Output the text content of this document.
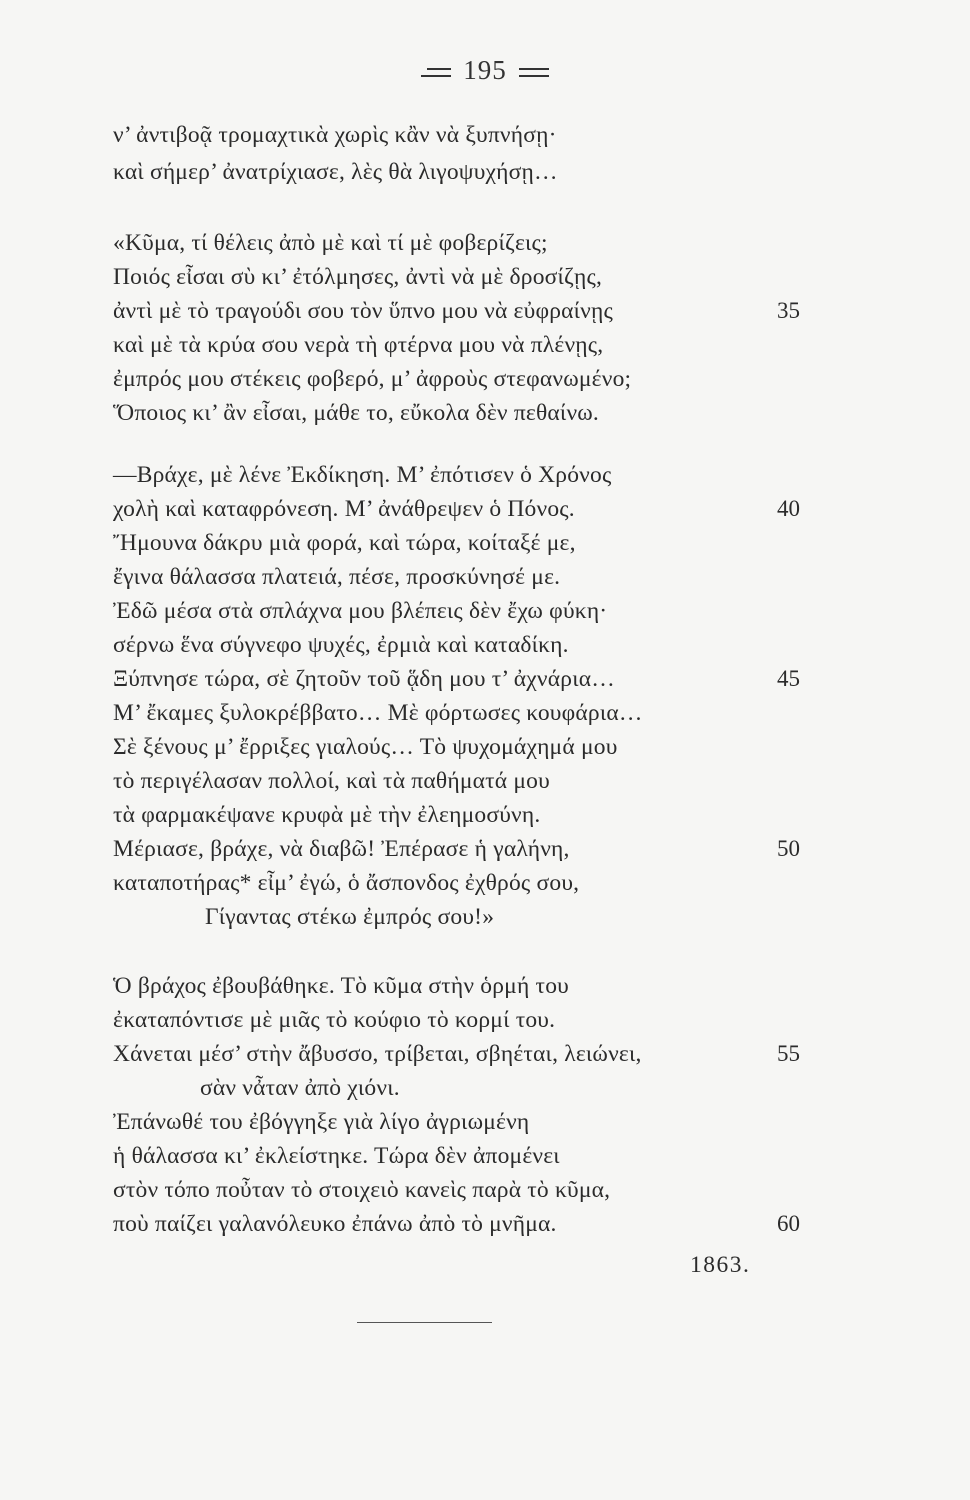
195
ν’ ἀντιβοᾷ τρομαχτικὰ χωρὶς κἂν νὰ ξυπνήσῃ·
καὶ σήμερ’ ἀνατρίχιασε, λὲς θὰ λιγοψυχήσῃ…
«Κῦμα, τί θέλεις ἀπὸ μὲ καὶ τί μὲ φοβερίζεις;
Ποιός εἶσαι σὺ κι’ ἐτόλμησες, ἀντὶ νὰ μὲ δροσίζῃς,
ἀντὶ μὲ τὸ τραγούδι σου τὸν ὕπνο μου νὰ εὐφραίνῃς	35
καὶ μὲ τὰ κρύα σου νερὰ τὴ φτέρνα μου νὰ πλένῃς,
ἐμπρός μου στέκεις φοβερό, μ’ ἀφροὺς στεφανωμένο;
Ὅποιος κι’ ἂν εἶσαι, μάθε το, εὔκολα δὲν πεθαίνω.
—Βράχε, μὲ λένε Ἐκδίκηση. Μ’ ἐπότισεν ὁ Χρόνος
χολὴ καὶ καταφρόνεση. Μ’ ἀνάθρεψεν ὁ Πόνος.	40
Ἤμουνα δάκρυ μιὰ φορά, καὶ τώρα, κοίταξέ με,
ἔγινα θάλασσα πλατειά, πέσε, προσκύνησέ με.
Ἐδῶ μέσα στὰ σπλάχνα μου βλέπεις δὲν ἔχω φύκη·
σέρνω ἕνα σύγνεφο ψυχές, ἐρμιὰ καὶ καταδίκη.
Ξύπνησε τώρα, σὲ ζητοῦν τοῦ ᾅδη μου τ’ ἀχνάρια…	45
Μ’ ἔκαμες ξυλοκρέββατο… Μὲ φόρτωσες κουφάρια…
Σὲ ξένους μ’ ἔρριξες γιαλούς… Τὸ ψυχομάχημά μου
τὸ περιγέλασαν πολλοί, καὶ τὰ παθήματά μου
τὰ φαρμακέψανε κρυφὰ μὲ τὴν ἐλεημοσύνη.
Μέριασε, βράχε, νὰ διαβῶ! Ἐπέρασε ἡ γαλήνη,	50
καταποτήρας* εἶμ’ ἐγώ, ὁ ἄσπονδος ἐχθρός σου,
Γίγαντας στέκω ἐμπρός σου!»
Ὁ βράχος ἐβουβάθηκε. Τὸ κῦμα στὴν ὁρμή του
ἐκαταπόντισε μὲ μιᾶς τὸ κούφιο τὸ κορμί του.
Χάνεται μέσ’ στὴν ἄβυσσο, τρίβεται, σβηέται, λειώνει,	55
σὰν νἆταν ἀπὸ χιόνι.
Ἐπάνωθέ του ἐβόγγηξε γιὰ λίγο ἀγριωμένη
ἡ θάλασσα κι’ ἐκλείστηκε. Τώρα δὲν ἀπομένει
στὸν τόπο ποὖταν τὸ στοιχειὸ κανεὶς παρὰ τὸ κῦμα,
ποὺ παίζει γαλανόλευκο ἐπάνω ἀπὸ τὸ μνῆμα.	60
1863.
